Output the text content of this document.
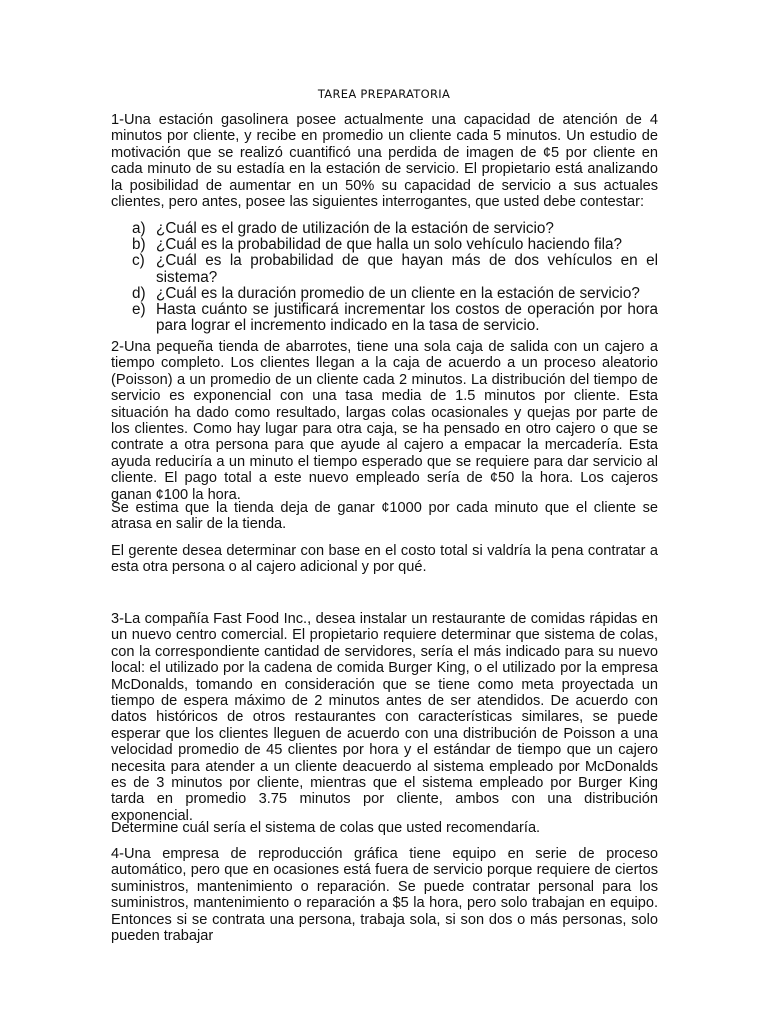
TAREA PREPARATORIA

1-Una estación gasolinera posee actualmente una capacidad de atención de 4 minutos por cliente, y recibe en promedio un cliente cada 5 minutos. Un estudio de motivación que se realizó cuantificó una perdida de imagen de ¢5 por cliente en cada minuto de su estadía en la estación de servicio. El propietario está analizando la posibilidad de aumentar en un 50% su capacidad de servicio a sus actuales clientes, pero antes, posee las siguientes interrogantes, que usted debe contestar:

a) ¿Cuál es el grado de utilización de la estación de servicio?
b) ¿Cuál es la probabilidad de que halla un solo vehículo haciendo fila?
c) ¿Cuál es la probabilidad de que hayan más de dos vehículos en el sistema?
d) ¿Cuál es la duración promedio de un cliente en la estación de servicio?
e) Hasta cuánto se justificará incrementar los costos de operación por hora para lograr el incremento indicado en la tasa de servicio.

2-Una pequeña tienda de abarrotes, tiene una sola caja de salida con un cajero a tiempo completo. Los clientes llegan a la caja de acuerdo a un proceso aleatorio (Poisson) a un promedio de un cliente cada 2 minutos. La distribución del tiempo de servicio es exponencial con una tasa media de 1.5 minutos por cliente. Esta situación ha dado como resultado, largas colas ocasionales y quejas por parte de los clientes. Como hay lugar para otra caja, se ha pensado en otro cajero o que se contrate a otra persona para que ayude al cajero a empacar la mercadería. Esta ayuda reduciría a un minuto el tiempo esperado que se requiere para dar servicio al cliente. El pago total a este nuevo empleado sería de ¢50 la hora. Los cajeros ganan ¢100 la hora.

Se estima que la tienda deja de ganar ¢1000 por cada minuto que el cliente se atrasa en salir de la tienda.

El gerente desea determinar con base en el costo total si valdría la pena contratar a esta otra persona o al cajero adicional y por qué.

3-La compañía Fast Food Inc., desea instalar un restaurante de comidas rápidas en un nuevo centro comercial. El propietario requiere determinar que sistema de colas, con la correspondiente cantidad de servidores, sería el más indicado para su nuevo local: el utilizado por la cadena de comida Burger King, o el utilizado por la empresa McDonalds, tomando en consideración que se tiene como meta proyectada un tiempo de espera máximo de 2 minutos antes de ser atendidos. De acuerdo con datos históricos de otros restaurantes con características similares, se puede esperar que los clientes lleguen de acuerdo con una distribución de Poisson a una velocidad promedio de 45 clientes por hora y el estándar de tiempo que un cajero necesita para atender a un cliente deacuerdo al sistema empleado por McDonalds es de 3 minutos por cliente, mientras que el sistema empleado por Burger King tarda en promedio 3.75 minutos por cliente, ambos con una distribución exponencial.

Determine cuál sería el sistema de colas que usted recomendaría.

4-Una empresa de reproducción gráfica tiene equipo en serie de proceso automático, pero que en ocasiones está fuera de servicio porque requiere de ciertos suministros, mantenimiento o reparación. Se puede contratar personal para los suministros, mantenimiento o reparación a $5 la hora, pero solo trabajan en equipo. Entonces si se contrata una persona, trabaja sola, si son dos o más personas, solo pueden trabajar
